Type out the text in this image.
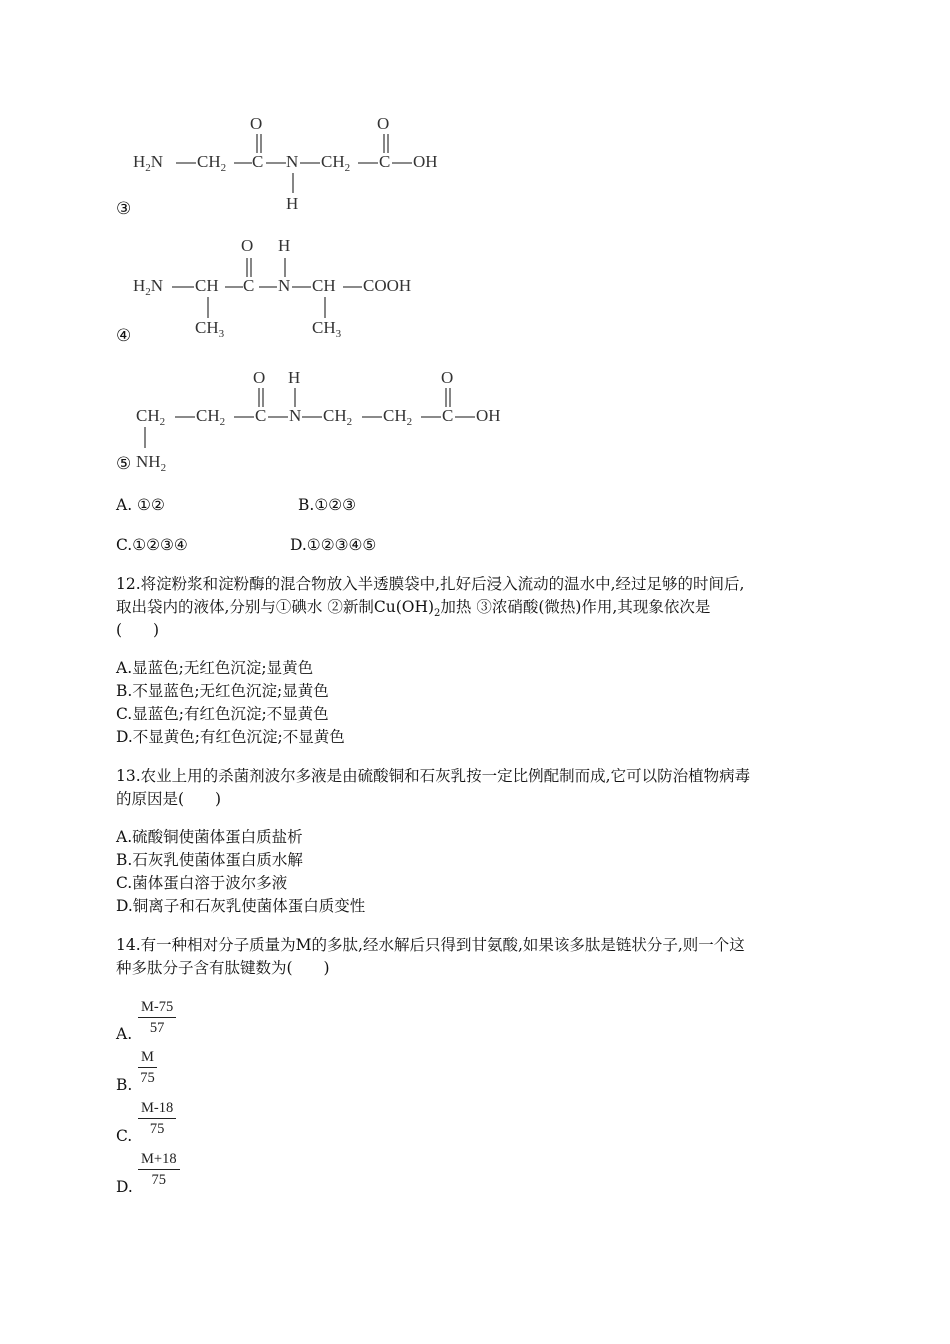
O	O
$H_2N$ $CH_2$ C N $CH_2$ C OH
H
③
O H
$H_2N$ CH C N CH COOH
$CH_3$	$CH_3$
④
O H	O
$CH_2$ $CH_2$ C N $CH_2$ $CH_2$ C OH
⑤ $NH_2$
A. ①②	B.①②③
C.①②③④	D.①②③④⑤
12.将淀粉浆和淀粉酶的混合物放入半透膜袋中,扎好后浸入流动的温水中,经过足够的时间后,
取出袋内的液体,分别与①碘水 ②新制$Cu(OH)_2$加热 ③浓硝酸(微热)作用,其现象依次是
(　　)
A.显蓝色;无红色沉淀;显黄色
B.不显蓝色;无红色沉淀;显黄色
C.显蓝色;有红色沉淀;不显黄色
D.不显黄色;有红色沉淀;不显黄色
13.农业上用的杀菌剂波尔多液是由硫酸铜和石灰乳按一定比例配制而成,它可以防治植物病毒
的原因是(　　)
A.硫酸铜使菌体蛋白质盐析
B.石灰乳使菌体蛋白质水解
C.菌体蛋白溶于波尔多液
D.铜离子和石灰乳使菌体蛋白质变性
14.有一种相对分子质量为M的多肽,经水解后只得到甘氨酸,如果该多肽是链状分子,则一个这
种多肽分子含有肽键数为(　　)
A. $\frac{M-75}{57}$
B. $\frac{M}{75}$
C. $\frac{M-18}{75}$
D. $\frac{M+18}{75}$
